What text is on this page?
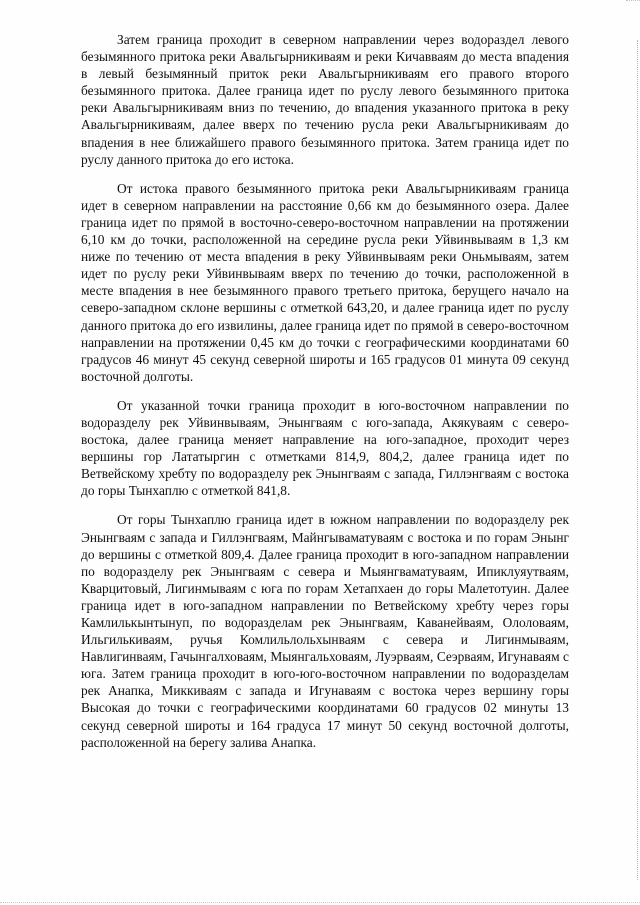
Затем граница проходит в северном направлении через водораздел левого безымянного притока реки Авальгырникиваям и реки Кичавваям до места впадения в левый безымянный приток реки Авальгырникиваям его правого второго безымянного притока. Далее граница идет по руслу левого безымянного притока реки Авальгырникиваям вниз по течению, до впадения указанного притока в реку Авальгырникиваям, далее вверх по течению русла реки Авальгырникиваям до впадения в нее ближайшего правого безымянного притока. Затем граница идет по руслу данного притока до его истока.

От истока правого безымянного притока реки Авальгырникиваям граница идет в северном направлении на расстояние 0,66 км до безымянного озера. Далее граница идет по прямой в восточно-северо-восточном направлении на протяжении 6,10 км до точки, расположенной на середине русла реки Уйвинвываям в 1,3 км ниже по течению от места впадения в реку Уйвинвываям реки Оньмываям, затем идет по руслу реки Уйвинвываям вверх по течению до точки, расположенной в месте впадения в нее безымянного правого третьего притока, берущего начало на северо-западном склоне вершины с отметкой 643,20, и далее граница идет по руслу данного притока до его извилины, далее граница идет по прямой в северо-восточном направлении на протяжении 0,45 км до точки с географическими координатами 60 градусов 46 минут 45 секунд северной широты и 165 градусов 01 минута 09 секунд восточной долготы.

От указанной точки граница проходит в юго-восточном направлении по водоразделу рек Уйвинвываям, Энынгваям с юго-запада, Акякуваям с северо-востока, далее граница меняет направление на юго-западное, проходит через вершины гор Лататыргин с отметками 814,9, 804,2, далее граница идет по Ветвейскому хребту по водоразделу рек Энынгваям с запада, Гиллэнгваям с востока до горы Тынхаплю с отметкой 841,8.

От горы Тынхаплю граница идет в южном направлении по водоразделу рек Энынгваям с запада и Гиллэнгваям, Майнгываматуваям с востока и по горам Энынг до вершины с отметкой 809,4. Далее граница проходит в юго-западном направлении по водоразделу рек Энынгваям с севера и Мыянгваматуваям, Ипиклуяутваям, Кварцитовый, Лигинмываям с юга по горам Хетапхаен до горы Малетотуин. Далее граница идет в юго-западном направлении по Ветвейскому хребту через горы Камлилькынтынуп, по водоразделам рек Энынгваям, Каванейваям, Ололоваям, Ильгилькиваям, ручья Комлильлольхынваям с севера и Лигинмываям, Навлигинваям, Гачынгалховаям, Мыянгальховаям, Луэрваям, Сеэрваям, Игунаваям с юга. Затем граница проходит в юго-юго-восточном направлении по водоразделам рек Анапка, Миккиваям с запада и Игунаваям с востока через вершину горы Высокая до точки с географическими координатами 60 градусов 02 минуты 13 секунд северной широты и 164 градуса 17 минут 50 секунд восточной долготы, расположенной на берегу залива Анапка.
